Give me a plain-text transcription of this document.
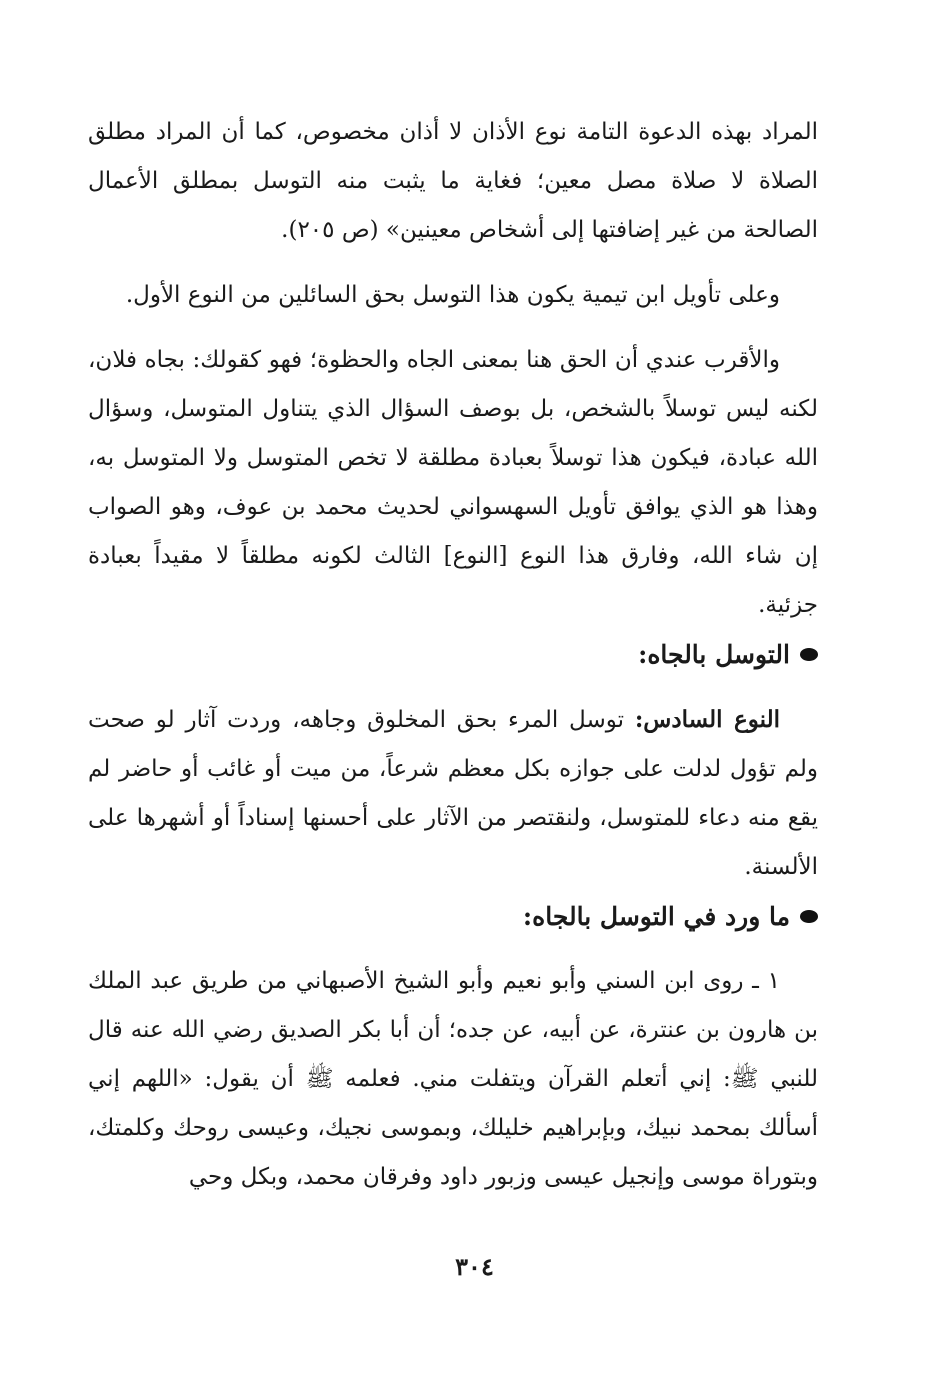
المراد بهذه الدعوة التامة نوع الأذان لا أذان مخصوص، كما أن المراد مطلق الصلاة لا صلاة مصل معين؛ فغاية ما يثبت منه التوسل بمطلق الأعمال الصالحة من غير إضافتها إلى أشخاص معينين» (ص ٢٠٥).

وعلى تأويل ابن تيمية يكون هذا التوسل بحق السائلين من النوع الأول.

والأقرب عندي أن الحق هنا بمعنى الجاه والحظوة؛ فهو كقولك: بجاه فلان، لكنه ليس توسلاً بالشخص، بل بوصف السؤال الذي يتناول المتوسل، وسؤال الله عبادة، فيكون هذا توسلاً بعبادة مطلقة لا تخص المتوسل ولا المتوسل به، وهذا هو الذي يوافق تأويل السهسواني لحديث محمد بن عوف، وهو الصواب إن شاء الله، وفارق هذا النوع [النوع] الثالث لكونه مطلقاً لا مقيداً بعبادة جزئية.

التوسل بالجاه:

النوع السادس: توسل المرء بحق المخلوق وجاهه، وردت آثار لو صحت ولم تؤول لدلت على جوازه بكل معظم شرعاً، من ميت أو غائب أو حاضر لم يقع منه دعاء للمتوسل، ولنقتصر من الآثار على أحسنها إسناداً أو أشهرها على الألسنة.

ما ورد في التوسل بالجاه:

١ ـ روى ابن السني وأبو نعيم وأبو الشيخ الأصبهاني من طريق عبد الملك بن هارون بن عنترة، عن أبيه، عن جده؛ أن أبا بكر الصديق رضي الله عنه قال للنبي ﷺ: إني أتعلم القرآن ويتفلت مني. فعلمه ﷺ أن يقول: «اللهم إني أسألك بمحمد نبيك، وبإبراهيم خليلك، وبموسى نجيك، وعيسى روحك وكلمتك، وبتوراة موسى وإنجيل عيسى وزبور داود وفرقان محمد، وبكل وحي

٣٠٤
